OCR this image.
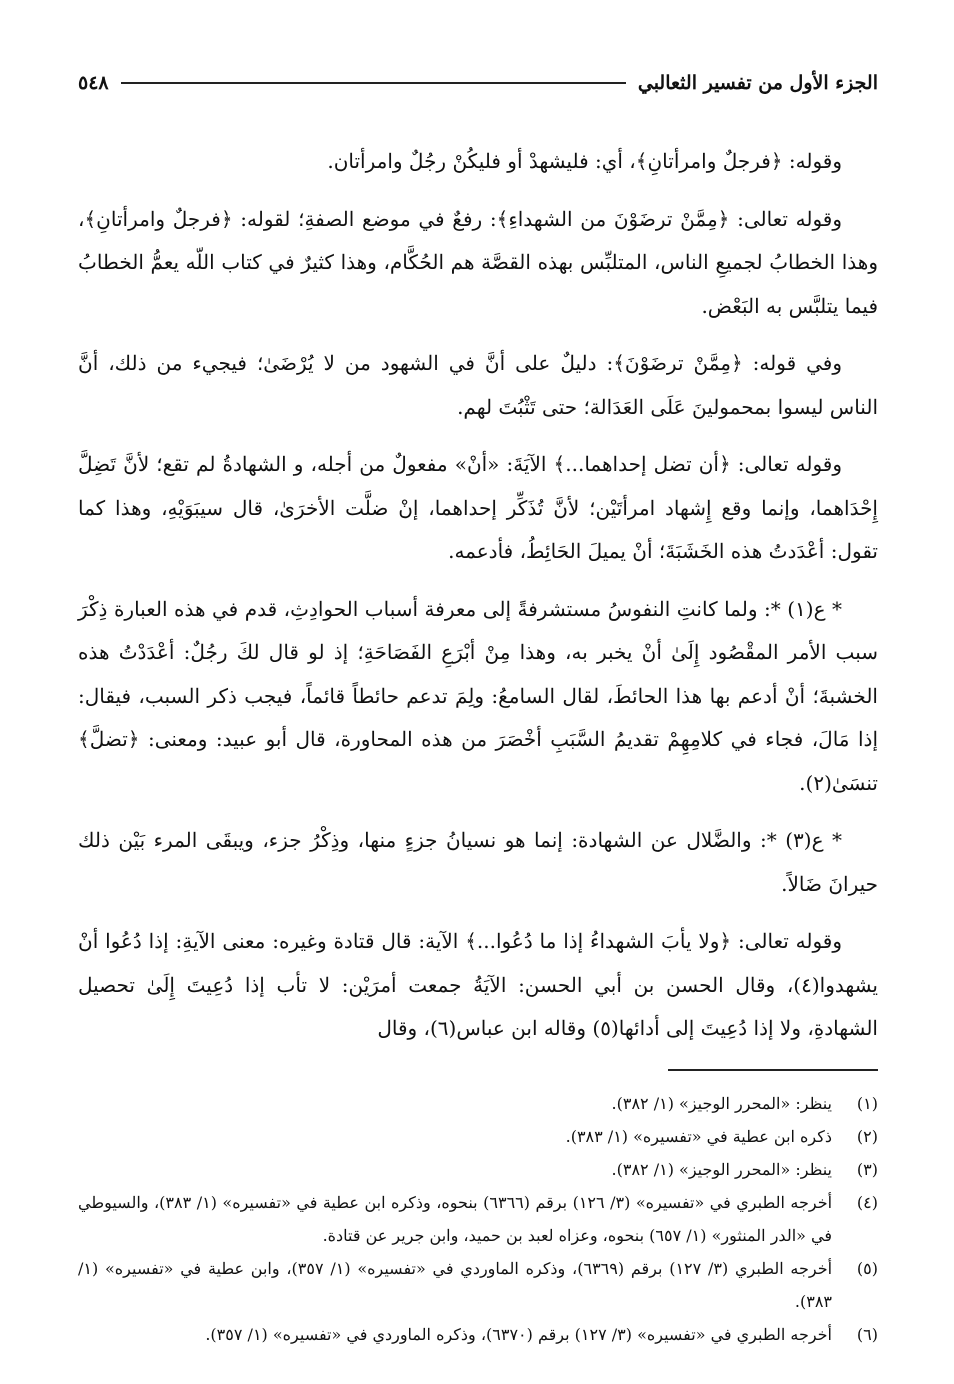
الجزء الأول من تفسير الثعالبي
٥٤٨

وقوله: ﴿فرجلٌ وامرأتانِ﴾، أي: فليشهدْ أو فليكُنْ رجُلٌ وامرأتان.

وقوله تعالى: ﴿مِمَّنْ ترضَوْنَ من الشهداءِ﴾: رفعٌ في موضع الصفةِ؛ لقوله: ﴿فرجلٌ وامرأتانِ﴾، وهذا الخطابُ لجميعِ الناس، المتلبِّس بهذه القصَّة هم الحُكَّام، وهذا كثيرٌ في كتاب اللّه يعمُّ الخطابُ فيما يتلبَّس به البَعْض.

وفي قوله: ﴿مِمَّنْ ترضَوْنَ﴾: دليلٌ على أنَّ في الشهود من لا يُرْضَىٰ؛ فيجيء من ذلك، أنَّ الناس ليسوا بمحمولينَ عَلَى العَدَالة؛ حتى تَثْبُتَ لهم.

وقوله تعالى: ﴿أن تضل إحداهما...﴾ الآيَةَ: «أنْ» مفعولٌ من أجله، و الشهادةُ لم تقع؛ لأنَّ تَضِلَّ إِحْدَاهما، وإنما وقع إِشهاد امرأتَيْن؛ لأنَّ تُذَكِّر إحداهما، إنْ ضلَّت الأخرَىٰ، قال سيبَوَيْهِ، وهذا كما تقول: أعْدَدتُ هذه الخَشَبَةَ؛ أنْ يميلَ الحَائِطُ، فأدعمه.

* ع(١) *: ولما كانتِ النفوسُ مستشرفةً إلى معرفة أسباب الحوادِثِ، قدم في هذه العبارة ذِكْرَ سبب الأمر المقْصُود إِلَىٰ أنْ يخبر به، وهذا مِنْ أبْرَعِ الفَصَاحَةِ؛ إذ لو قال لكَ رجُلٌ: أعْدَدْتُ هذه الخشبةَ؛ أنْ أدعم بها هذا الحائطَ، لقال السامعُ: ولِمَ تدعم حائطاً قائماً، فيجب ذكر السبب، فيقال: إذا مَالَ، فجاء في كلامِهِمْ تقديمُ السَّبَبِ أخْصَرَ من هذه المحاورة، قال أبو عبيد: ومعنى: ﴿تضلَّ﴾ تنسَىٰ(٢).

* ع(٣) *: والضَّلال عن الشهادة: إنما هو نسيانُ جزءٍ منها، وذِكْرُ جزء، ويبقَى المرء بَيْن ذلك حيرانَ ضَالاً.

وقوله تعالى: ﴿ولا يأبَ الشهداءُ إذا ما دُعُوا...﴾ الآية: قال قتادة وغيره: معنى الآيةِ: إذا دُعُوا أنْ يشهدوا(٤)، وقال الحسن بن أبي الحسن: الآيَةُ جمعت أمرَيْن: لا تأب إذا دُعِيتَ إِلَىٰ تحصيل الشهادةِ، ولا إذا دُعِيتَ إلى أدائها(٥) وقاله ابن عباس(٦)، وقال

(١)
ينظر: «المحرر الوجيز» (١/ ٣٨٢).
(٢)
ذكره ابن عطية في «تفسيره» (١/ ٣٨٣).
(٣)
ينظر: «المحرر الوجيز» (١/ ٣٨٢).
(٤)
أخرجه الطبري في «تفسيره» (٣/ ١٢٦) برقم (٦٣٦٦) بنحوه، وذكره ابن عطية في «تفسيره» (١/ ٣٨٣)، والسيوطي في «الدر المنثور» (١/ ٦٥٧) بنحوه، وعزاه لعبد بن حميد، وابن جرير عن قتادة.
(٥)
أخرجه الطبري (٣/ ١٢٧) برقم (٦٣٦٩)، وذكره الماوردي في «تفسيره» (١/ ٣٥٧)، وابن عطية في «تفسيره» (١/ ٣٨٣).
(٦)
أخرجه الطبري في «تفسيره» (٣/ ١٢٧) برقم (٦٣٧٠)، وذكره الماوردي في «تفسيره» (١/ ٣٥٧).
